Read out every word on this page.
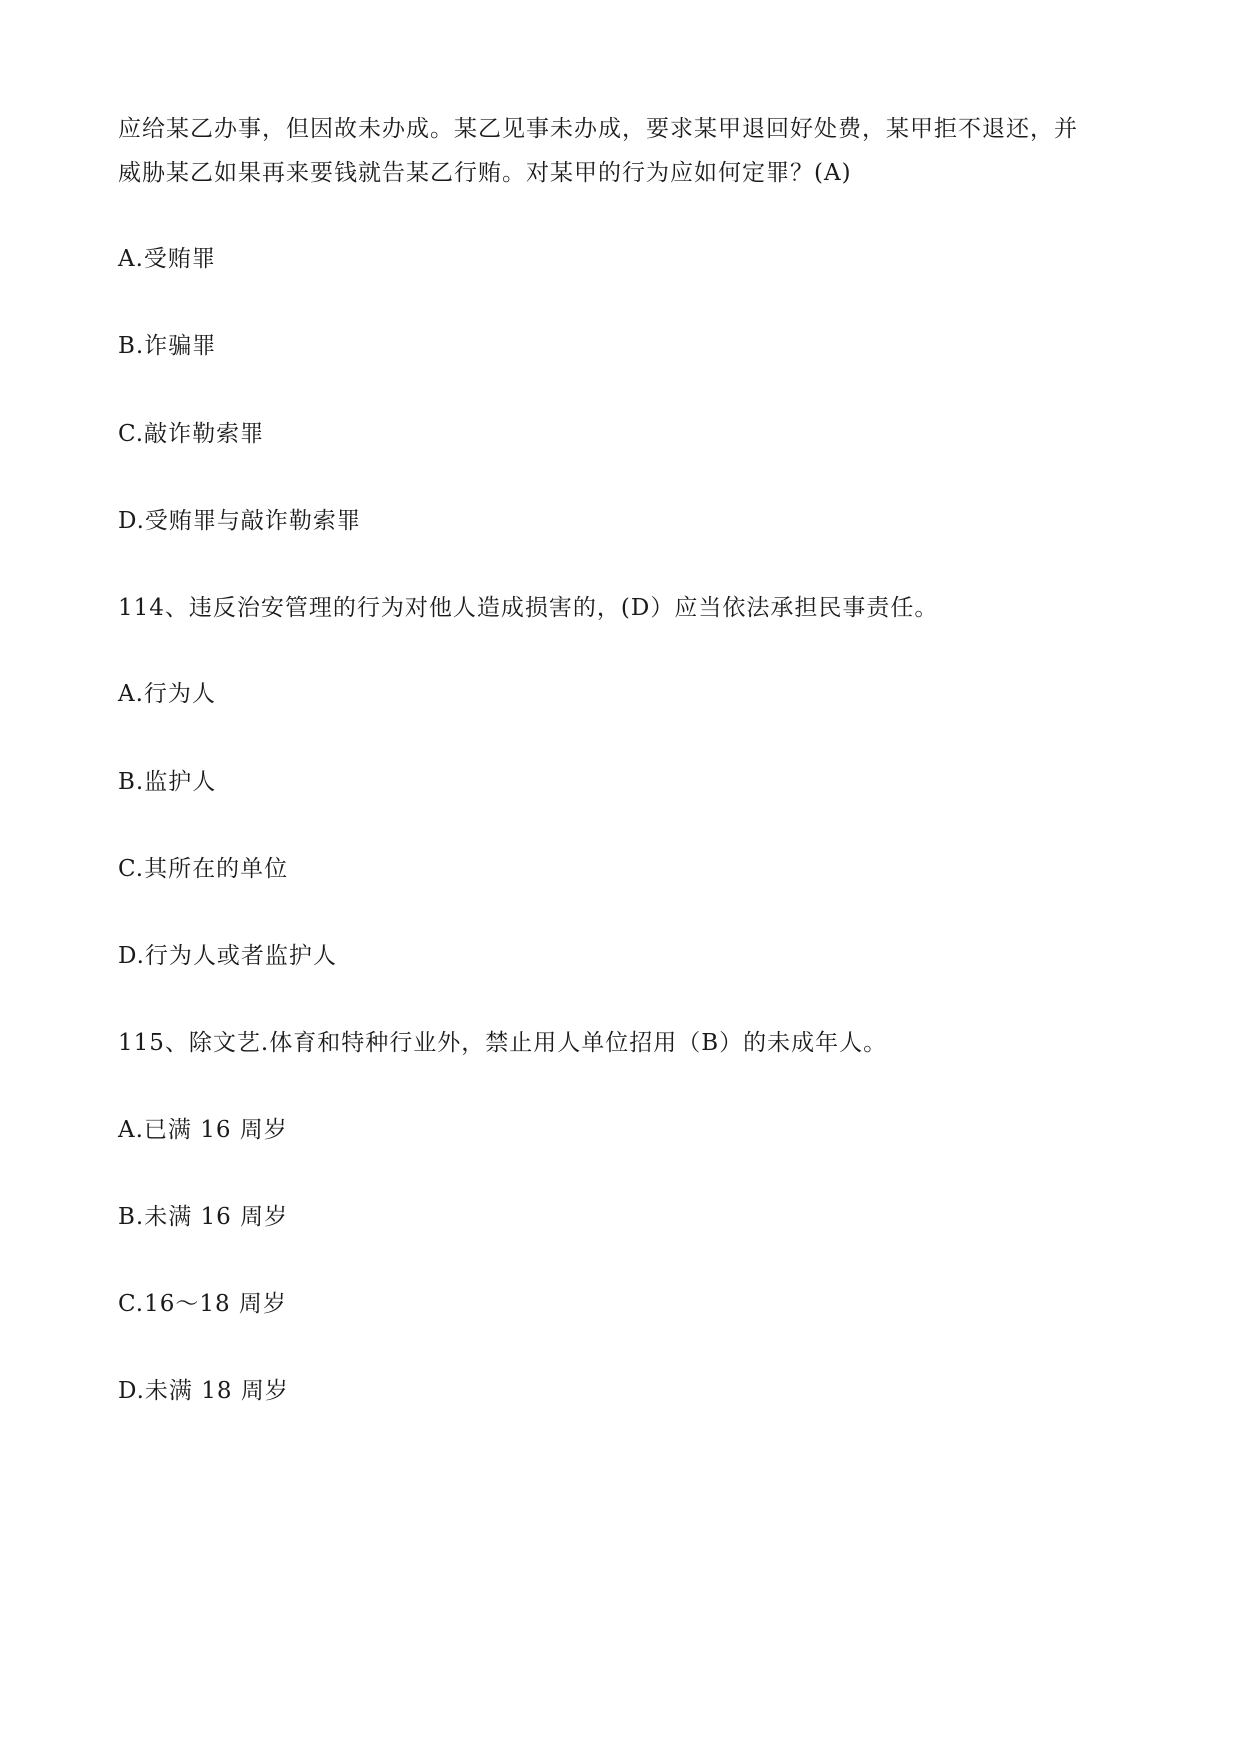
应给某乙办事，但因故未办成。某乙见事未办成，要求某甲退回好处费，某甲拒不退还，并
威胁某乙如果再来要钱就告某乙行贿。对某甲的行为应如何定罪？(A)
A.受贿罪
B.诈骗罪
C.敲诈勒索罪
D.受贿罪与敲诈勒索罪
114、违反治安管理的行为对他人造成损害的，(D）应当依法承担民事责任。
A.行为人
B.监护人
C.其所在的单位
D.行为人或者监护人
115、除文艺.体育和特种行业外，禁止用人单位招用（B）的未成年人。
A.已满 16 周岁
B.未满 16 周岁
C.16～18 周岁
D.未满 18 周岁
